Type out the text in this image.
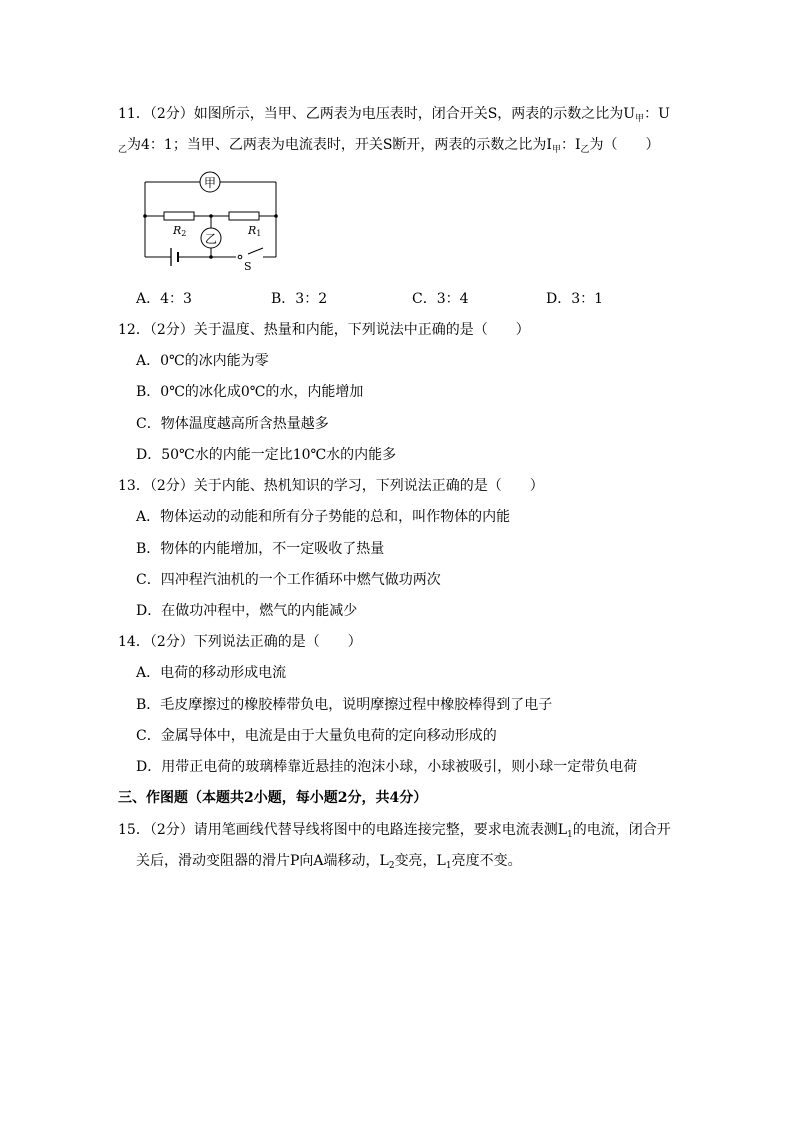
11．（2分）如图所示，当甲、乙两表为电压表时，闭合开关S，两表的示数之比为$U_甲$：U
$_乙$为4：1；当甲、乙两表为电流表时，开关S断开，两表的示数之比为$I_甲$：$I_乙$为（　　）
甲
乙
R2	R1
S
A．4：3	B．3：2	C．3：4	D．3：1
12．（2分）关于温度、热量和内能，下列说法中正确的是（　　）
A．0℃的冰内能为零
B．0℃的冰化成0℃的水，内能增加
C．物体温度越高所含热量越多
D．50℃水的内能一定比10℃水的内能多
13．（2分）关于内能、热机知识的学习，下列说法正确的是（　　）
A．物体运动的动能和所有分子势能的总和，叫作物体的内能
B．物体的内能增加，不一定吸收了热量
C．四冲程汽油机的一个工作循环中燃气做功两次
D．在做功冲程中，燃气的内能减少
14．（2分）下列说法正确的是（　　）
A．电荷的移动形成电流
B．毛皮摩擦过的橡胶棒带负电，说明摩擦过程中橡胶棒得到了电子
C．金属导体中，电流是由于大量负电荷的定向移动形成的
D．用带正电荷的玻璃棒靠近悬挂的泡沫小球，小球被吸引，则小球一定带负电荷
三、作图题（本题共2小题，每小题2分，共4分）
15．（2分）请用笔画线代替导线将图中的电路连接完整，要求电流表测$L_1$的电流，闭合开
关后，滑动变阻器的滑片P向A端移动，$L_2$变亮，$L_1$亮度不变。
